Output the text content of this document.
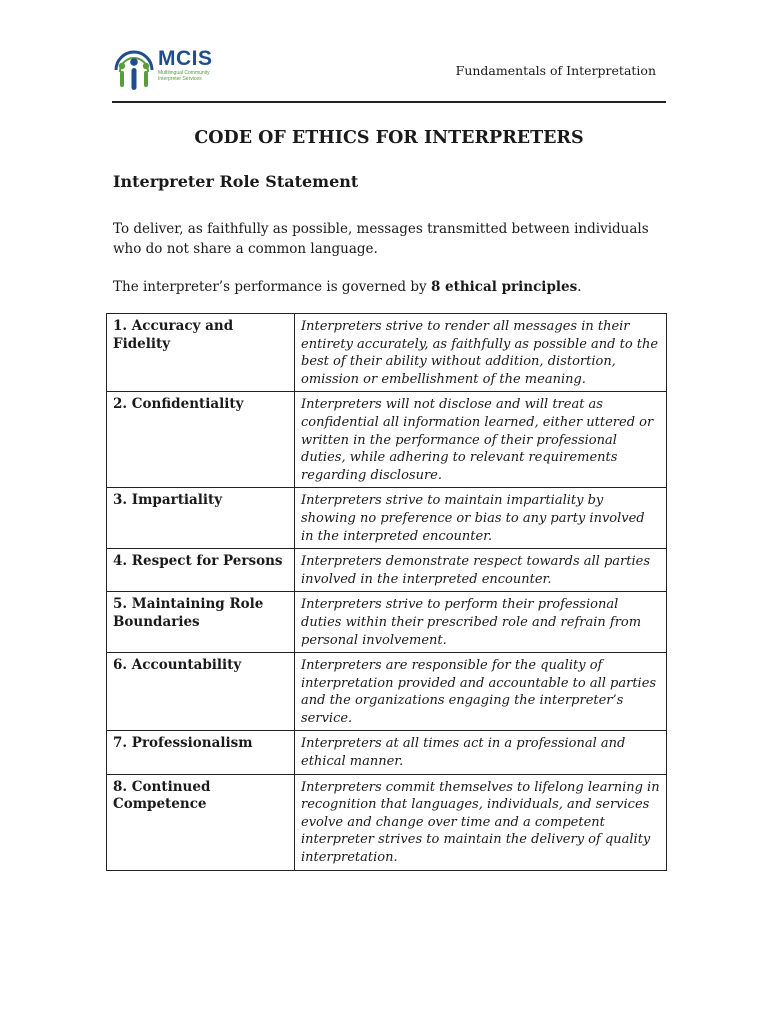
MCIS
Multilingual Community Interpreter Services
Fundamentals of Interpretation
CODE OF ETHICS FOR INTERPRETERS
Interpreter Role Statement
To deliver, as faithfully as possible, messages transmitted between individuals who do not share a common language.
The interpreter’s performance is governed by 8 ethical principles.
1. Accuracy and Fidelity	Interpreters strive to render all messages in their entirety accurately, as faithfully as possible and to the best of their ability without addition, distortion, omission or embellishment of the meaning.
2. Confidentiality	Interpreters will not disclose and will treat as confidential all information learned, either uttered or written in the performance of their professional duties, while adhering to relevant requirements regarding disclosure.
3. Impartiality	Interpreters strive to maintain impartiality by showing no preference or bias to any party involved in the interpreted encounter.
4. Respect for Persons	Interpreters demonstrate respect towards all parties involved in the interpreted encounter.
5. Maintaining Role Boundaries	Interpreters strive to perform their professional duties within their prescribed role and refrain from personal involvement.
6. Accountability	Interpreters are responsible for the quality of interpretation provided and accountable to all parties and the organizations engaging the interpreter’s service.
7. Professionalism	Interpreters at all times act in a professional and ethical manner.
8. Continued Competence	Interpreters commit themselves to lifelong learning in recognition that languages, individuals, and services evolve and change over time and a competent interpreter strives to maintain the delivery of quality interpretation.
